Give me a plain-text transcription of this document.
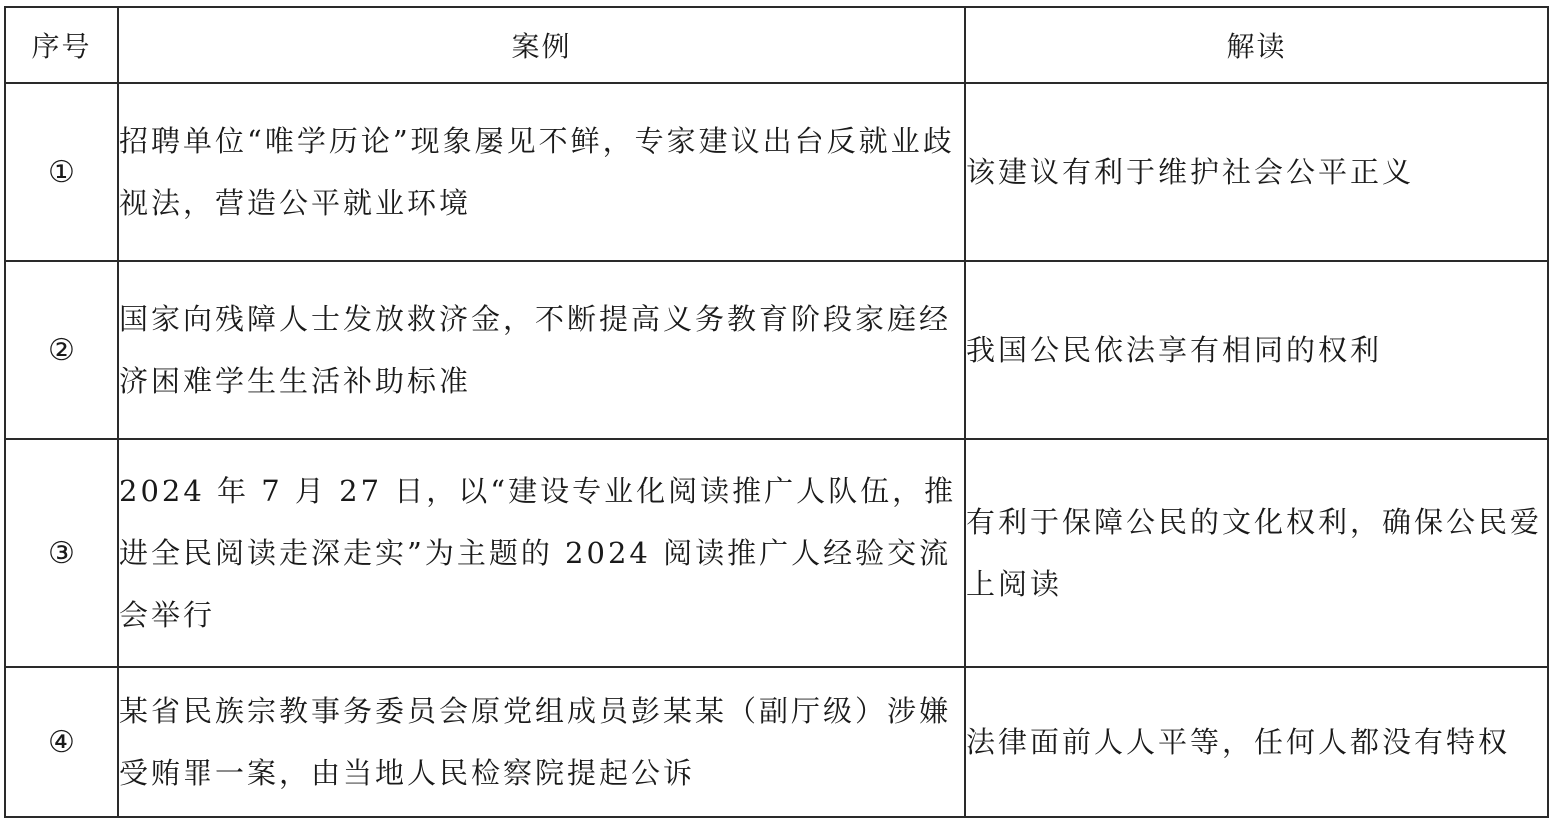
序号	案例	解读
①	招聘单位“唯学历论”现象屡见不鲜，专家建议出台反就业歧视法，营造公平就业环境	该建议有利于维护社会公平正义

②	国家向残障人士发放救济金，不断提高义务教育阶段家庭经济困难学生生活补助标准	我国公民依法享有相同的权利

③	2024 年 7 月 27 日，以“建设专业化阅读推广人队伍，推进全民阅读走深走实”为主题的 2024 阅读推广人经验交流会举行	有利于保障公民的文化权利，确保公民爱上阅读

④	某省民族宗教事务委员会原党组成员彭某某（副厅级）涉嫌受贿罪一案，由当地人民检察院提起公诉	法律面前人人平等，任何人都没有特权
